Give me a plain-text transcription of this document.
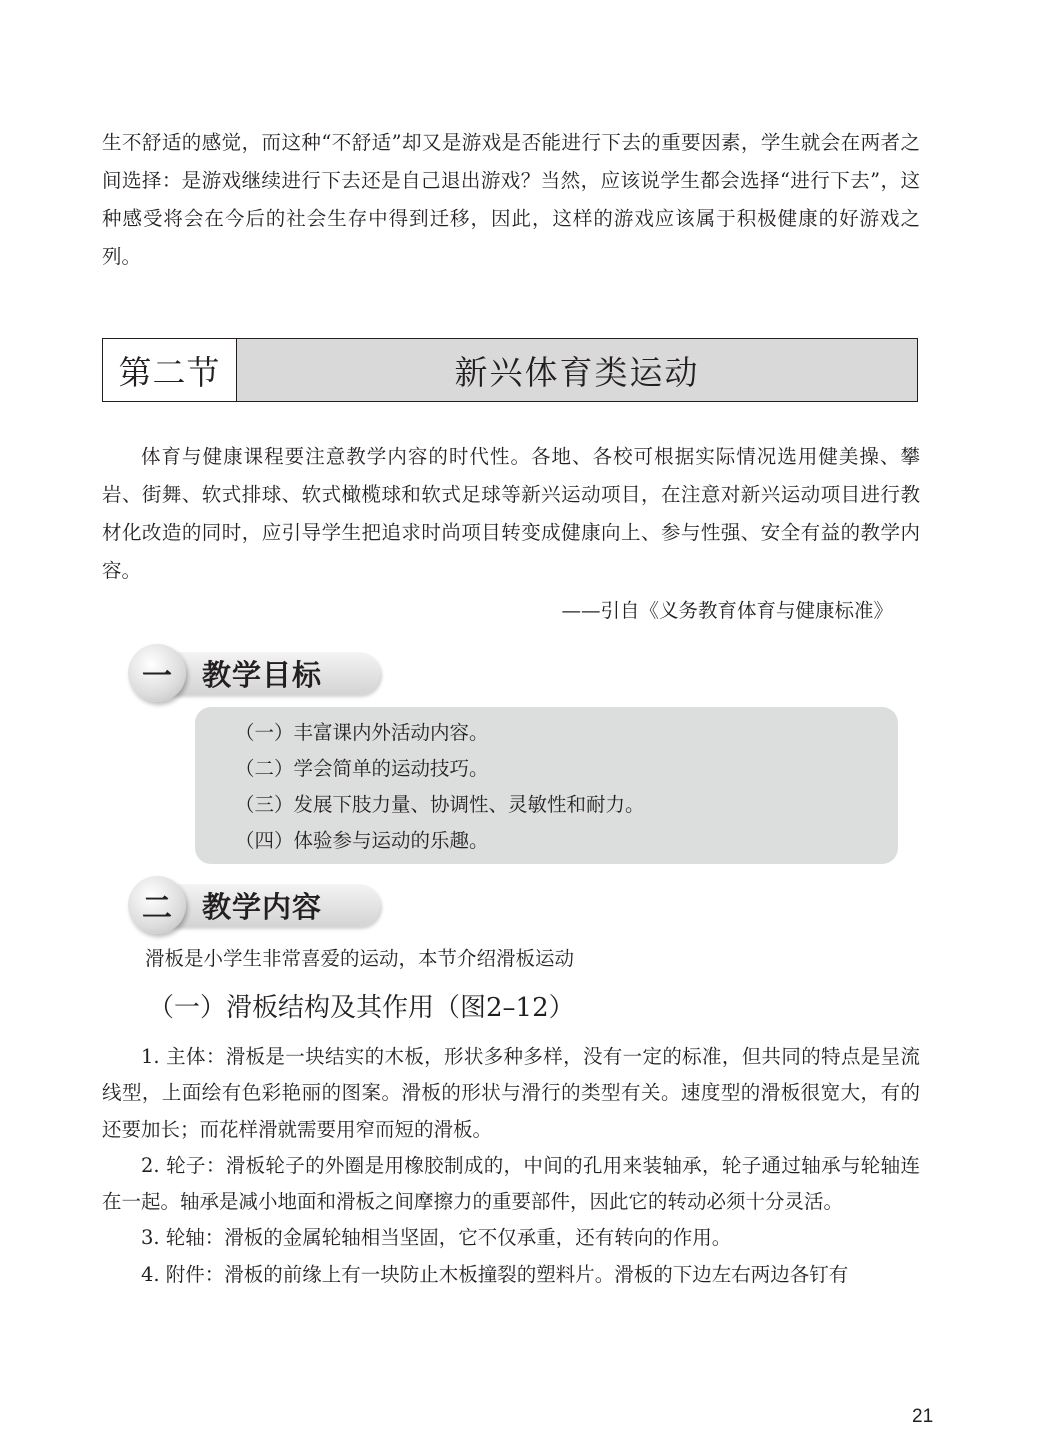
生不舒适的感觉，而这种“不舒适”却又是游戏是否能进行下去的重要因素，学生就会在两者之间选择：是游戏继续进行下去还是自己退出游戏？当然，应该说学生都会选择“进行下去”，这种感受将会在今后的社会生存中得到迁移，因此，这样的游戏应该属于积极健康的好游戏之列。

第二节	新兴体育类运动

体育与健康课程要注意教学内容的时代性。各地、各校可根据实际情况选用健美操、攀岩、街舞、软式排球、软式橄榄球和软式足球等新兴运动项目，在注意对新兴运动项目进行教材化改造的同时，应引导学生把追求时尚项目转变成健康向上、参与性强、安全有益的教学内容。

——引自《义务教育体育与健康标准》
一	教学目标
（一）丰富课内外活动内容。
（二）学会简单的运动技巧。
（三）发展下肢力量、协调性、灵敏性和耐力。
（四）体验参与运动的乐趣。
二	教学内容
滑板是小学生非常喜爱的运动，本节介绍滑板运动
（一）滑板结构及其作用（图2–12）

1. 主体：滑板是一块结实的木板，形状多种多样，没有一定的标准，但共同的特点是呈流线型，上面绘有色彩艳丽的图案。滑板的形状与滑行的类型有关。速度型的滑板很宽大，有的还要加长；而花样滑就需要用窄而短的滑板。

2. 轮子：滑板轮子的外圈是用橡胶制成的，中间的孔用来装轴承，轮子通过轴承与轮轴连在一起。轴承是减小地面和滑板之间摩擦力的重要部件，因此它的转动必须十分灵活。

3. 轮轴：滑板的金属轮轴相当坚固，它不仅承重，还有转向的作用。

4. 附件：滑板的前缘上有一块防止木板撞裂的塑料片。滑板的下边左右两边各钉有

21
